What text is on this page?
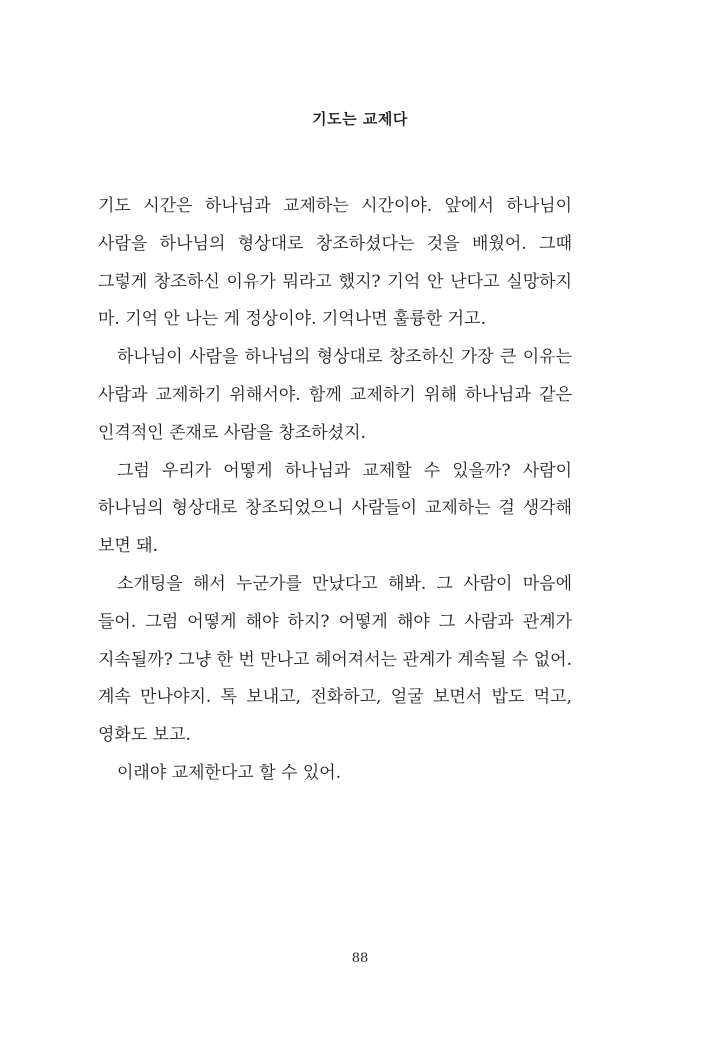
기도는 교제다

기도 시간은 하나님과 교제하는 시간이야. 앞에서 하나님이 사람을 하나님의 형상대로 창조하셨다는 것을 배웠어. 그때 그렇게 창조하신 이유가 뭐라고 했지? 기억 안 난다고 실망하지 마. 기억 안 나는 게 정상이야. 기억나면 훌륭한 거고.

하나님이 사람을 하나님의 형상대로 창조하신 가장 큰 이유는 사람과 교제하기 위해서야. 함께 교제하기 위해 하나님과 같은 인격적인 존재로 사람을 창조하셨지.

그럼 우리가 어떻게 하나님과 교제할 수 있을까? 사람이 하나님의 형상대로 창조되었으니 사람들이 교제하는 걸 생각해 보면 돼.

소개팅을 해서 누군가를 만났다고 해봐. 그 사람이 마음에 들어. 그럼 어떻게 해야 하지? 어떻게 해야 그 사람과 관계가 지속될까? 그냥 한 번 만나고 헤어져서는 관계가 계속될 수 없어. 계속 만나야지. 톡 보내고, 전화하고, 얼굴 보면서 밥도 먹고, 영화도 보고.

이래야 교제한다고 할 수 있어.

88
